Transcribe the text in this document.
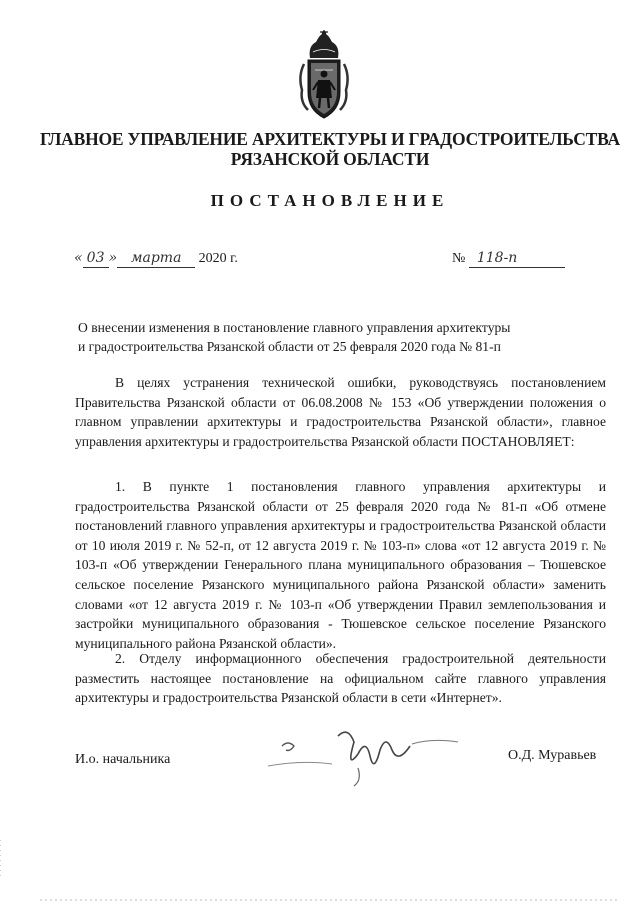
ГЛАВНОЕ УПРАВЛЕНИЕ АРХИТЕКТУРЫ И ГРАДОСТРОИТЕЛЬСТВА
РЯЗАНСКОЙ ОБЛАСТИ
ПОСТАНОВЛЕНИЕ
« 03 » марта 2020 г.	№ 118-п
О внесении изменения в постановление главного управления архитектуры
и градостроительства Рязанской области от 25 февраля 2020 года № 81-п
В целях устранения технической ошибки, руководствуясь постановлением Правительства Рязанской области от 06.08.2008 № 153 «Об утверждении положения о главном управлении архитектуры и градостроительства Рязанской области», главное управления архитектуры и градостроительства Рязанской области ПОСТАНОВЛЯЕТ:
1. В пункте 1 постановления главного управления архитектуры и градостроительства Рязанской области от 25 февраля 2020 года № 81-п «Об отмене постановлений главного управления архитектуры и градостроительства Рязанской области от 10 июля 2019 г. № 52-п, от 12 августа 2019 г. № 103-п» слова «от 12 августа 2019 г. № 103-п «Об утверждении Генерального плана муниципального образования – Тюшевское сельское поселение Рязанского муниципального района Рязанской области» заменить словами «от 12 августа 2019 г. № 103-п «Об утверждении Правил землепользования и застройки муниципального образования - Тюшевское сельское поселение Рязанского муниципального района Рязанской области».
2. Отделу информационного обеспечения градостроительной деятельности разместить настоящее постановление на официальном сайте главного управления архитектуры и градостроительства Рязанской области в сети «Интернет».
И.о. начальника	О.Д. Муравьев
